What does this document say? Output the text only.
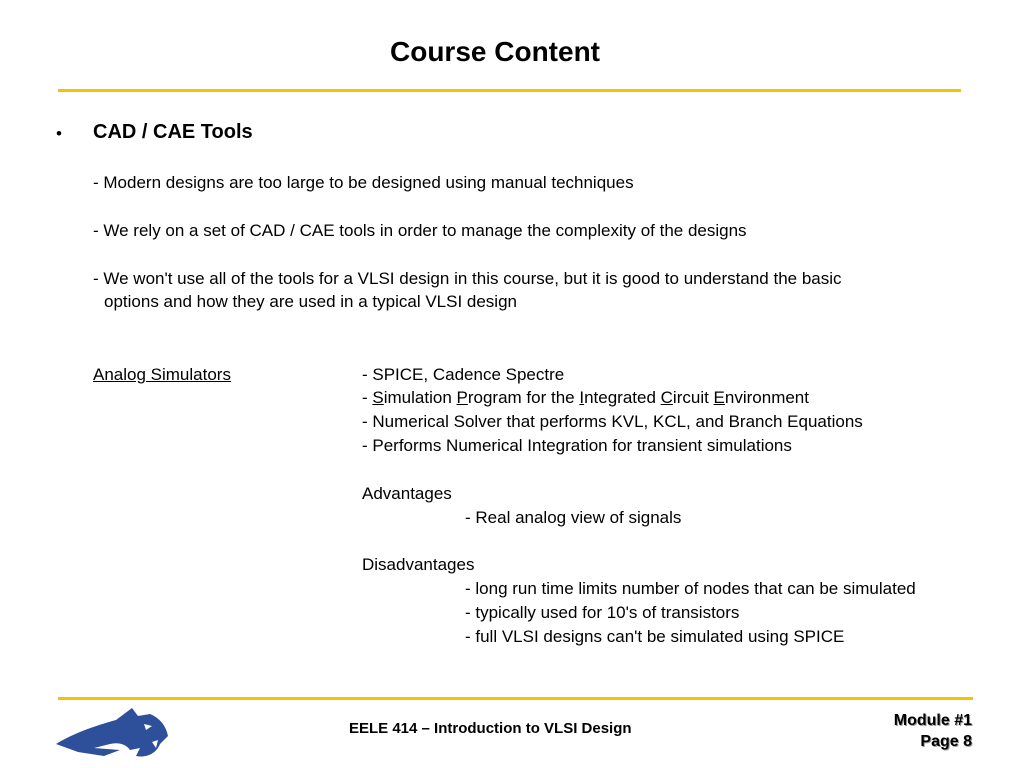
Course Content
• CAD / CAE Tools
- Modern designs are too large to be designed using manual techniques
- We rely on a set of CAD / CAE tools in order to manage the complexity of the designs
- We won't use all of the tools for a VLSI design in this course, but it is good to understand the basic
options and how they are used in a typical VLSI design
Analog Simulators	- SPICE, Cadence Spectre
- Simulation Program for the Integrated Circuit Environment
- Numerical Solver that performs KVL, KCL, and Branch Equations
- Performs Numerical Integration for transient simulations
Advantages
- Real analog view of signals
Disadvantages
- long run time limits number of nodes that can be simulated
- typically used for 10's of transistors
- full VLSI designs can't be simulated using SPICE
EELE 414 – Introduction to VLSI Design	Module #1
Page 8
